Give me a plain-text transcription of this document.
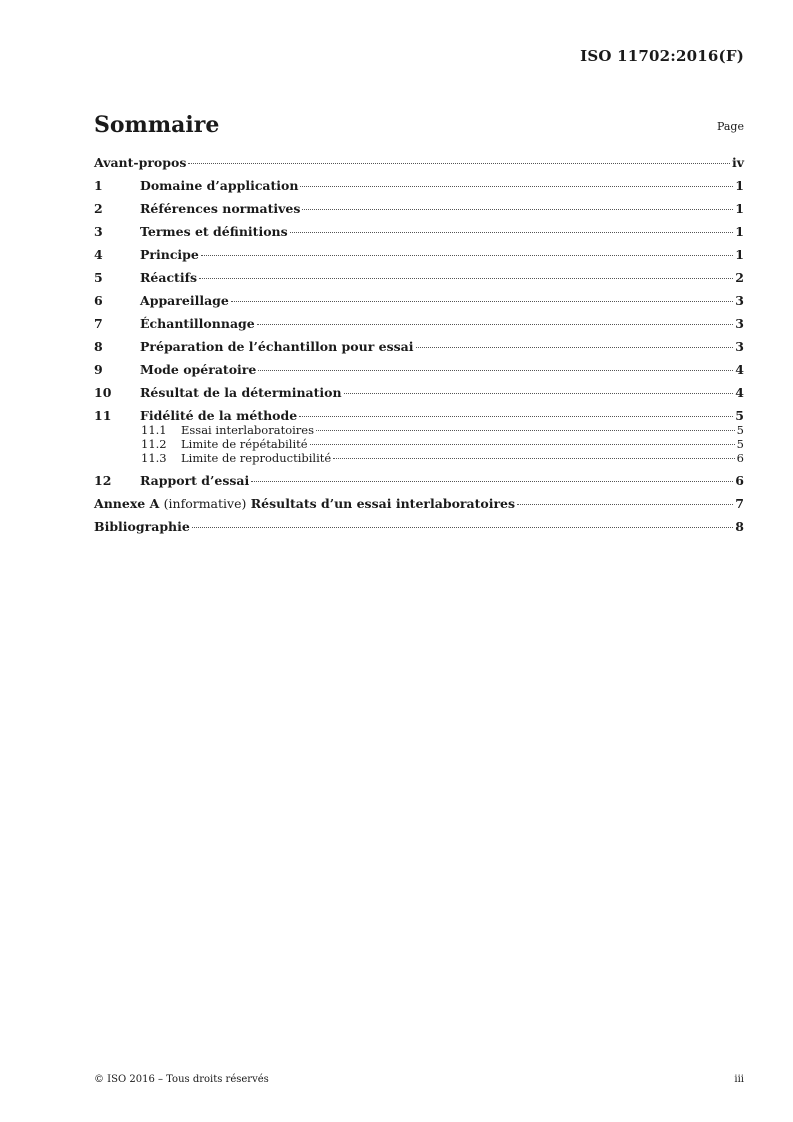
ISO 11702:2016(F)
Sommaire	Page
Avant-propos	iv
1	Domaine d’application	1
2	Références normatives	1
3	Termes et définitions	1
4	Principe	1
5	Réactifs	2
6	Appareillage	3
7	Échantillonnage	3
8	Préparation de l’échantillon pour essai	3
9	Mode opératoire	4
10	Résultat de la détermination	4
11	Fidélité de la méthode	5
11.1	Essai interlaboratoires	5
11.2	Limite de répétabilité	5
11.3	Limite de reproductibilité	6
12	Rapport d’essai	6
Annexe A (informative) Résultats d’un essai interlaboratoires	7
Bibliographie	8
© ISO 2016 – Tous droits réservés	iii
